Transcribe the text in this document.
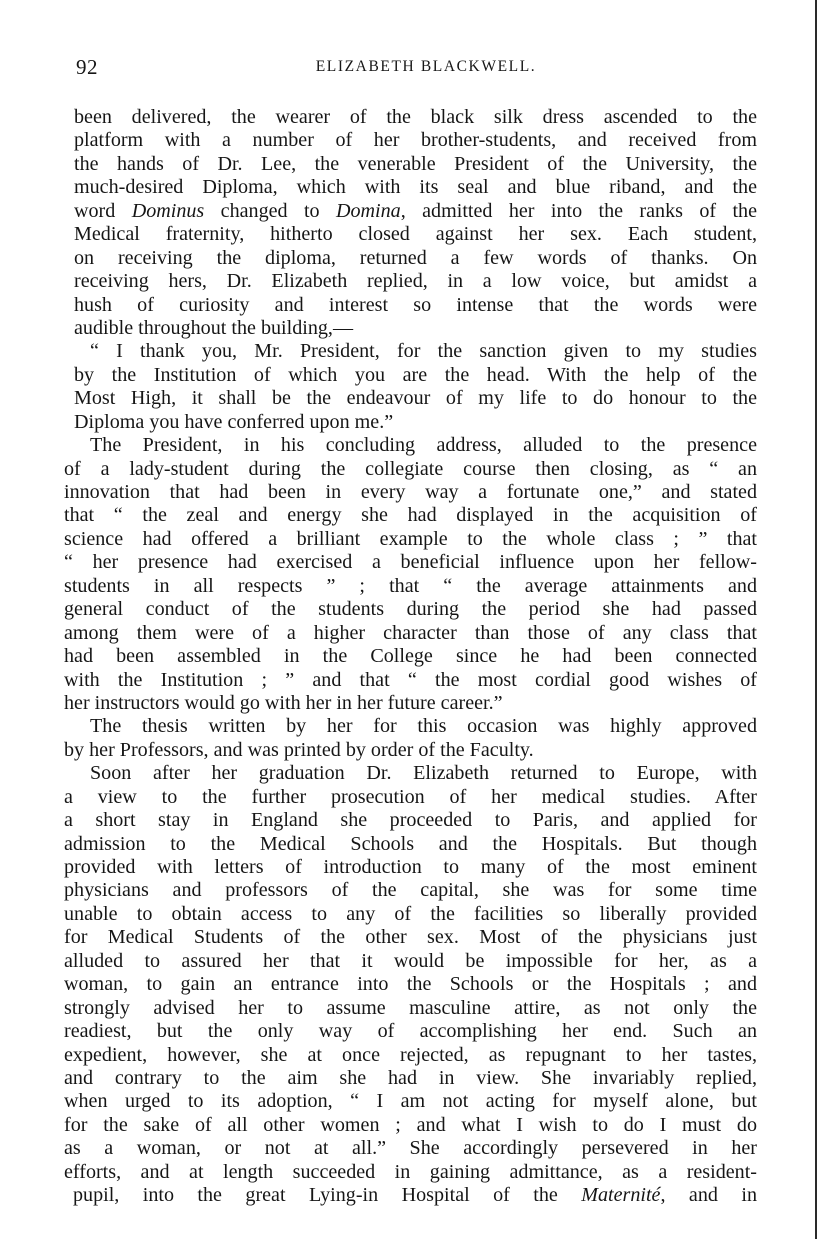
92	ELIZABETH BLACKWELL.
been delivered, the wearer of the black silk dress ascended to the
platform with a number of her brother-students, and received from
the hands of Dr. Lee, the venerable President of the University, the
much-desired Diploma, which with its seal and blue riband, and the
word Dominus changed to Domina, admitted her into the ranks of the
Medical fraternity, hitherto closed against her sex. Each student,
on receiving the diploma, returned a few words of thanks. On
receiving hers, Dr. Elizabeth replied, in a low voice, but amidst a
hush of curiosity and interest so intense that the words were
audible throughout the building,—
“ I thank you, Mr. President, for the sanction given to my studies
by the Institution of which you are the head. With the help of the
Most High, it shall be the endeavour of my life to do honour to the
Diploma you have conferred upon me.”
The President, in his concluding address, alluded to the presence
of a lady-student during the collegiate course then closing, as “ an
innovation that had been in every way a fortunate one,” and stated
that “ the zeal and energy she had displayed in the acquisition of
science had offered a brilliant example to the whole class ; ” that
“ her presence had exercised a beneficial influence upon her fellow-
students in all respects ” ; that “ the average attainments and
general conduct of the students during the period she had passed
among them were of a higher character than those of any class that
had been assembled in the College since he had been connected
with the Institution ; ” and that “ the most cordial good wishes of
her instructors would go with her in her future career.”
The thesis written by her for this occasion was highly approved
by her Professors, and was printed by order of the Faculty.
Soon after her graduation Dr. Elizabeth returned to Europe, with
a view to the further prosecution of her medical studies. After
a short stay in England she proceeded to Paris, and applied for
admission to the Medical Schools and the Hospitals. But though
provided with letters of introduction to many of the most eminent
physicians and professors of the capital, she was for some time
unable to obtain access to any of the facilities so liberally provided
for Medical Students of the other sex. Most of the physicians just
alluded to assured her that it would be impossible for her, as a
woman, to gain an entrance into the Schools or the Hospitals ; and
strongly advised her to assume masculine attire, as not only the
readiest, but the only way of accomplishing her end. Such an
expedient, however, she at once rejected, as repugnant to her tastes,
and contrary to the aim she had in view. She invariably replied,
when urged to its adoption, “ I am not acting for myself alone, but
for the sake of all other women ; and what I wish to do I must do
as a woman, or not at all.” She accordingly persevered in her
efforts, and at length succeeded in gaining admittance, as a resident-
pupil, into the great Lying-in Hospital of the Maternité, and in
